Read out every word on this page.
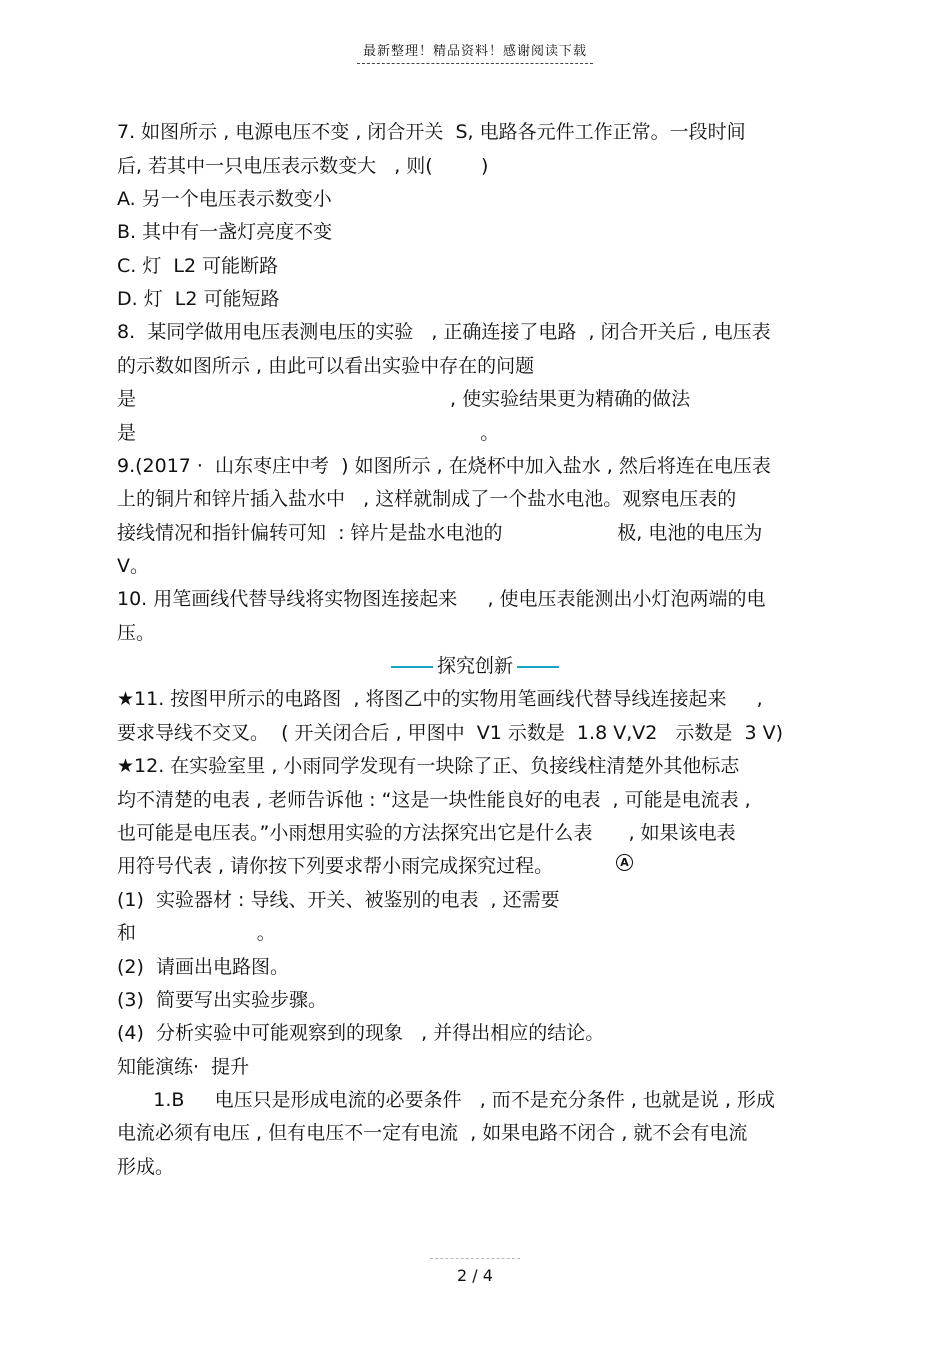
最新整理！精品资料！感谢阅读下载
7. 如图所示 , 电源电压不变 , 闭合开关  S, 电路各元件工作正常。一段时间
后, 若其中一只电压表示数变大   , 则(        )
A. 另一个电压表示数变小
B. 其中有一盏灯亮度不变
C. 灯  L2 可能断路
D. 灯  L2 可能短路
8.  某同学做用电压表测电压的实验   , 正确连接了电路  , 闭合开关后 , 电压表
的示数如图所示 , 由此可以看出实验中存在的问题
是                                                    , 使实验结果更为精确的做法
是                                                         。
9.(2017 ·  山东枣庄中考  ) 如图所示 , 在烧杯中加入盐水 , 然后将连在电压表
上的铜片和锌片插入盐水中   , 这样就制成了一个盐水电池。观察电压表的
接线情况和指针偏转可知  : 锌片是盐水电池的                   极, 电池的电压为
V。
10. 用笔画线代替导线将实物图连接起来     , 使电压表能测出小灯泡两端的电
压。
探究创新
★11. 按图甲所示的电路图  , 将图乙中的实物用笔画线代替导线连接起来     ,
要求导线不交叉。  ( 开关闭合后 , 甲图中  V1 示数是  1.8 V,V2   示数是  3 V)
★12. 在实验室里 , 小雨同学发现有一块除了正、负接线柱清楚外其他标志
均不清楚的电表 , 老师告诉他 : “这是一块性能良好的电表  , 可能是电流表 ,
也可能是电压表。”小雨想用实验的方法探究出它是什么表      , 如果该电表
用符号代表 , 请你按下列要求帮小雨完成探究过程。	A
(1)  实验器材 : 导线、开关、被鉴别的电表  , 还需要
和                    。
(2)  请画出电路图。
(3)  简要写出实验步骤。
(4)  分析实验中可能观察到的现象   , 并得出相应的结论。
知能演练·  提升
1.B     电压只是形成电流的必要条件   , 而不是充分条件 , 也就是说 , 形成
电流必须有电压 , 但有电压不一定有电流  , 如果电路不闭合 , 就不会有电流
形成。
2 / 4
